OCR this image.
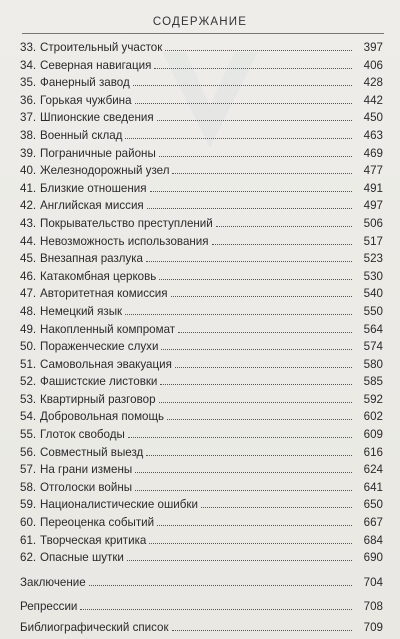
СОДЕРЖАНИЕ
33. Строительный участок	397
34. Северная навигация	406
35. Фанерный завод	428
36. Горькая чужбина	442
37. Шпионские сведения	450
38. Военный склад	463
39. Пограничные районы	469
40. Железнодорожный узел	477
41. Близкие отношения	491
42. Английская миссия	497
43. Покрывательство преступлений	506
44. Невозможность использования	517
45. Внезапная разлука	523
46. Катакомбная церковь	530
47. Авторитетная комиссия	540
48. Немецкий язык	550
49. Накопленный компромат	564
50. Пораженческие слухи	574
51. Самовольная эвакуация	580
52. Фашистские листовки	585
53. Квартирный разговор	592
54. Добровольная помощь	602
55. Глоток свободы	609
56. Совместный выезд	616
57. На грани измены	624
58. Отголоски войны	641
59. Националистические ошибки	650
60. Переоценка событий	667
61. Творческая критика	684
62. Опасные шутки	690
Заключение	704
Репрессии	708
Библиографический список	709
